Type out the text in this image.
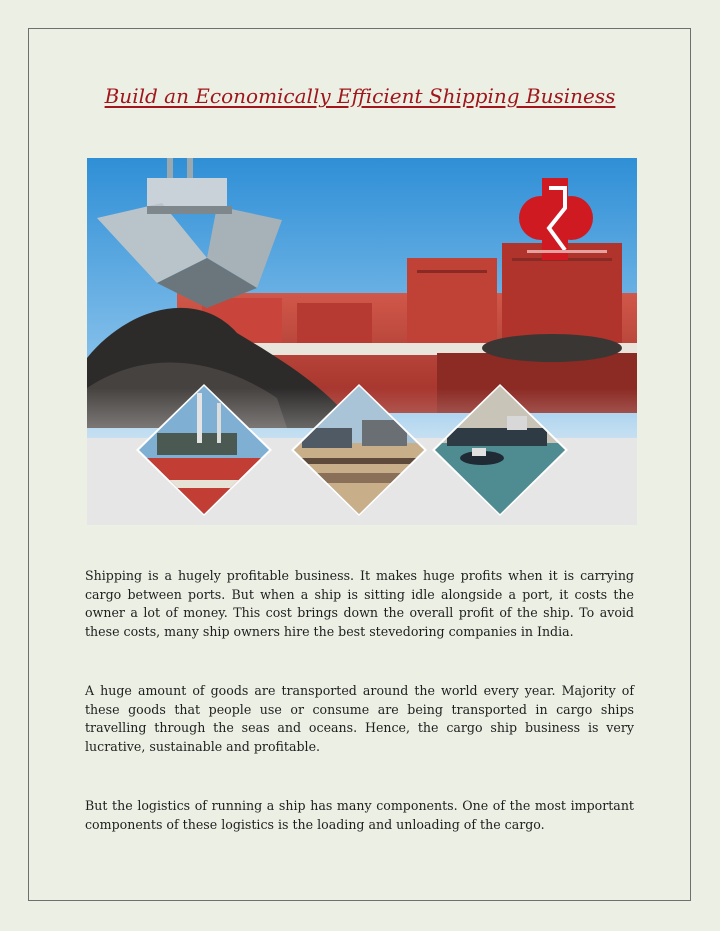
Build an Economically Efficient Shipping Business

Shipping is a hugely profitable business. It makes huge profits when it is carrying cargo between ports. But when a ship is sitting idle alongside a port, it costs the owner a lot of money. This cost brings down the overall profit of the ship. To avoid these costs, many ship owners hire the best stevedoring companies in India.

A huge amount of goods are transported around the world every year. Majority of these goods that people use or consume are being transported in cargo ships travelling through the seas and oceans. Hence, the cargo ship business is very lucrative, sustainable and profitable.

But the logistics of running a ship has many components. One of the most important components of these logistics is the loading and unloading of the cargo.
